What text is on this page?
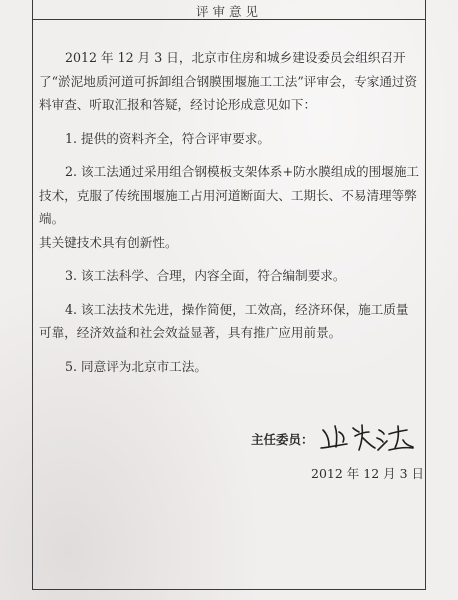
评审意见

2012 年 12 月 3 日，北京市住房和城乡建设委员会组织召开了“淤泥地质河道可拆卸组合钢膜围堰施工工法”评审会，专家通过资料审查、听取汇报和答疑，经讨论形成意见如下：

1. 提供的资料齐全，符合评审要求。

2. 该工法通过采用组合钢模板支架体系+防水膜组成的围堰施工技术，克服了传统围堰施工占用河道断面大、工期长、不易清理等弊端。

其关键技术具有创新性。

3. 该工法科学、合理，内容全面，符合编制要求。

4. 该工法技术先进，操作简便，工效高，经济环保，施工质量可靠，经济效益和社会效益显著，具有推广应用前景。

5. 同意评为北京市工法。

主任委员：
2012 年 12 月 3 日
